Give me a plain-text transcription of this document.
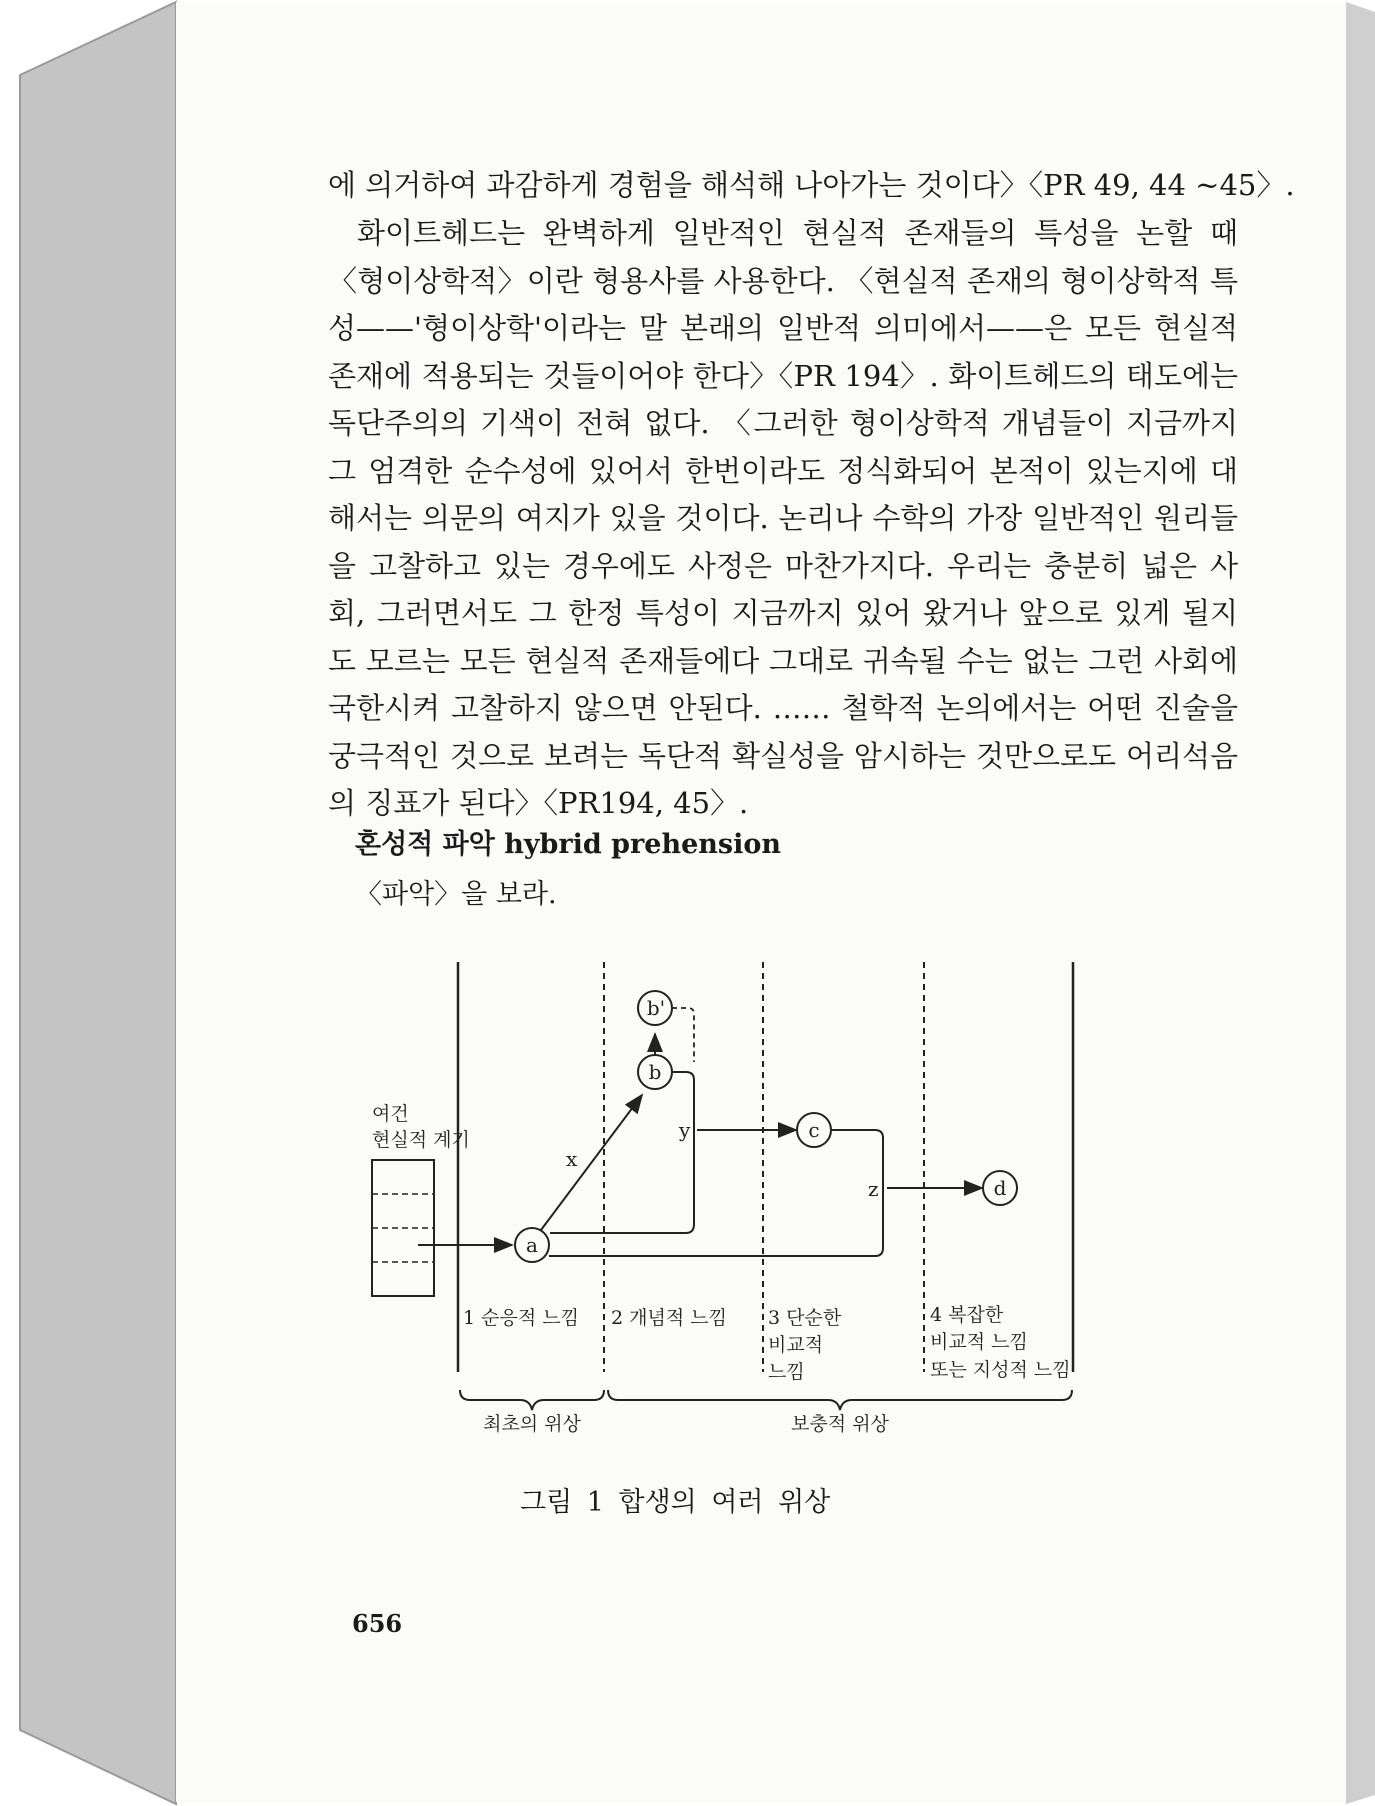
에 의거하여 과감하게 경험을 해석해 나아가는 것이다〉〈PR 49, 44 ~45〉.
화이트헤드는 완벽하게 일반적인 현실적 존재들의 특성을 논할 때 〈형이상학적〉이란 형용사를 사용한다. 〈현실적 존재의 형이상학적 특성——'형이상학'이라는 말 본래의 일반적 의미에서——은 모든 현실적 존재에 적용되는 것들이어야 한다〉〈PR 194〉. 화이트헤드의 태도에는 독단주의의 기색이 전혀 없다. 〈그러한 형이상학적 개념들이 지금까지 그 엄격한 순수성에 있어서 한번이라도 정식화되어 본적이 있는지에 대해서는 의문의 여지가 있을 것이다. 논리나 수학의 가장 일반적인 원리들을 고찰하고 있는 경우에도 사정은 마찬가지다. 우리는 충분히 넓은 사회, 그러면서도 그 한정 특성이 지금까지 있어 왔거나 앞으로 있게 될지도 모르는 모든 현실적 존재들에다 그대로 귀속될 수는 없는 그런 사회에 국한시켜 고찰하지 않으면 안된다. …… 철학적 논의에서는 어떤 진술을 궁극적인 것으로 보려는 독단적 확실성을 암시하는 것만으로도 어리석음의 징표가 된다〉〈PR194, 45〉.
혼성적 파악 hybrid prehension
〈파악〉을 보라.
여건
현실적 계기
a
b
b'
c
d
x
y
z
1 순응적 느낌 2 개념적 느낌 3 단순한
비교적
느낌
4 복잡한
비교적 느낌
또는 지성적 느낌
최초의 위상	보충적 위상
그림 1 합생의 여러 위상
656
